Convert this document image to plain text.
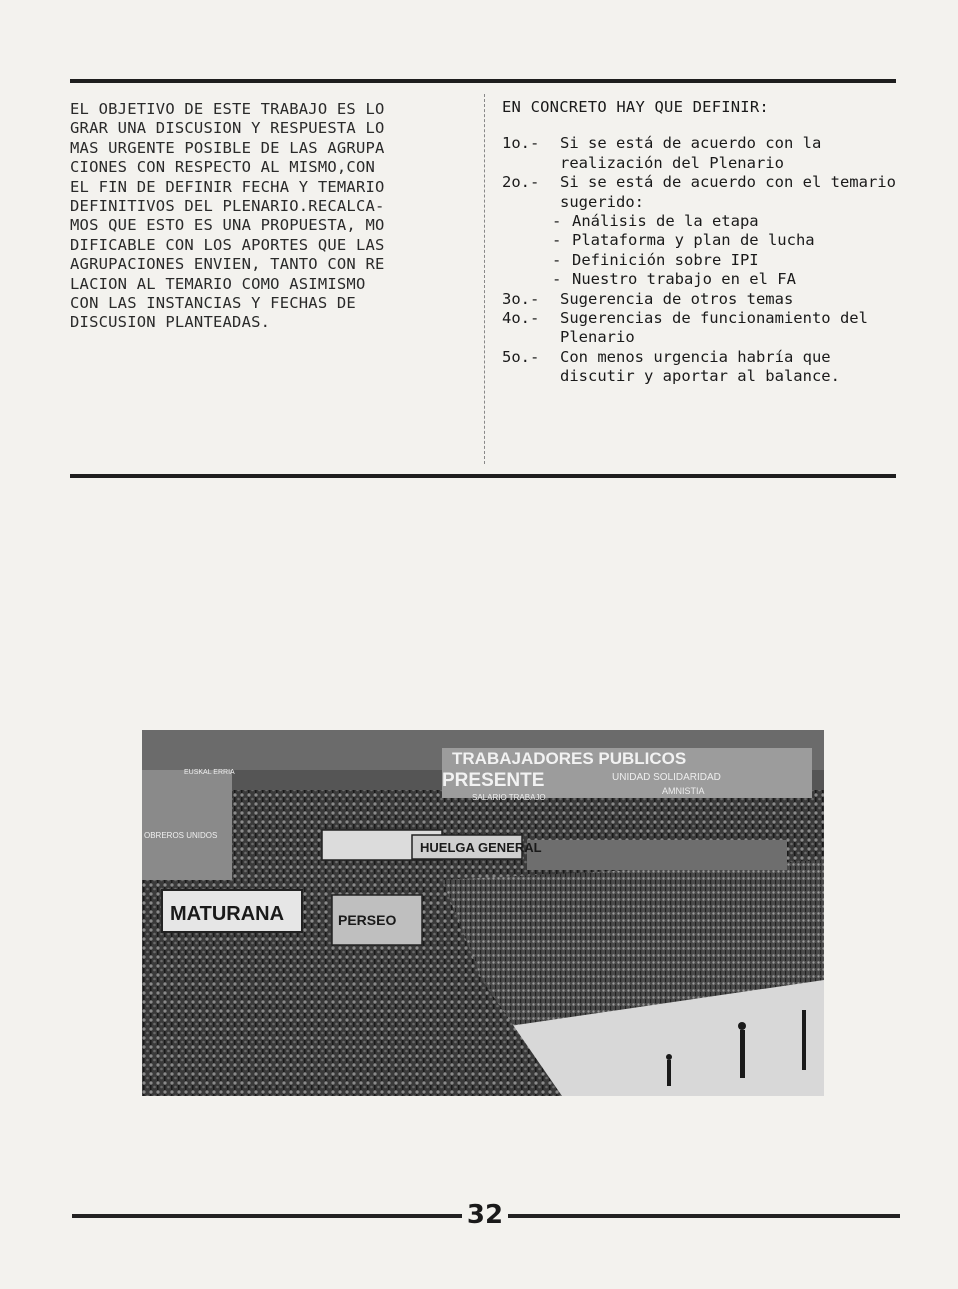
EL OBJETIVO DE ESTE TRABAJO ES LO
GRAR UNA DISCUSION Y RESPUESTA LO
MAS URGENTE POSIBLE DE LAS AGRUPA
CIONES CON RESPECTO AL MISMO,CON
EL FIN DE DEFINIR FECHA Y TEMARIO
DEFINITIVOS DEL PLENARIO.RECALCA-
MOS QUE ESTO ES UNA PROPUESTA, MO
DIFICABLE CON LOS APORTES QUE LAS
AGRUPACIONES ENVIEN, TANTO CON RE
LACION AL TEMARIO COMO ASIMISMO
CON LAS INSTANCIAS Y FECHAS DE
DISCUSION PLANTEADAS.
EN CONCRETO HAY QUE DEFINIR:
1o.-	Si se está de acuerdo con la realización del Plenario
2o.-	Si se está de acuerdo con el temario sugerido:
- Análisis de la etapa
- Plataforma y plan de lucha
- Definición sobre IPI
- Nuestro trabajo en el FA
3o.-	Sugerencia de otros temas
4o.-	Sugerencias de funcionamiento del Plenario
5o.-	Con menos urgencia habría que discutir y aportar al balance.
TRABAJADORES PUBLICOS
PRESENTE	UNIDAD SOLIDARIDAD
AMNISTIA
SALARIO TRABAJO
HUELGA GENERAL
PERSEO
MATURANA
OBREROS UNIDOS
EUSKAL ERRIA
32
